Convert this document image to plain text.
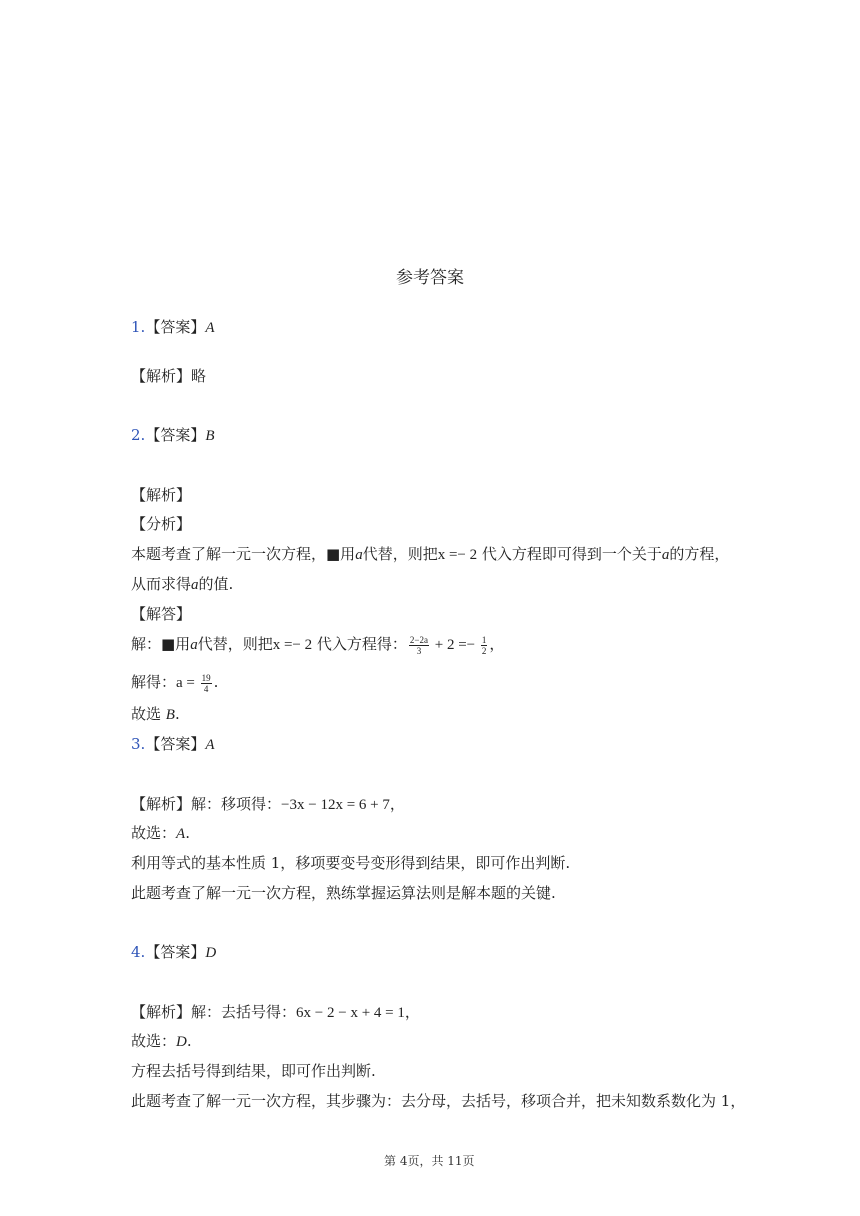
参考答案
1.【答案】A
【解析】略
2.【答案】B
【解析】
【分析】
本题考查了解一元一次方程，■用a代替，则把x =− 2 代入方程即可得到一个关于a的方程，
从而求得a的值.
【解答】
解：■用a代替，则把x =− 2 代入方程得： $\frac{2-2a}{3} + 2 =- \frac{1}{2}$ ，
解得：$a = \frac{19}{4}$ .
故选 B.
3.【答案】A
【解析】解：移项得：−3x − 12x = 6 + 7，
故选：A.
利用等式的基本性质 1，移项要变号变形得到结果，即可作出判断.
此题考查了解一元一次方程，熟练掌握运算法则是解本题的关键.
4.【答案】D
【解析】解：去括号得：6x − 2 − x + 4 = 1，
故选：D.
方程去括号得到结果，即可作出判断.
此题考查了解一元一次方程，其步骤为：去分母，去括号，移项合并，把未知数系数化为 1，
第 4页，共 11页
